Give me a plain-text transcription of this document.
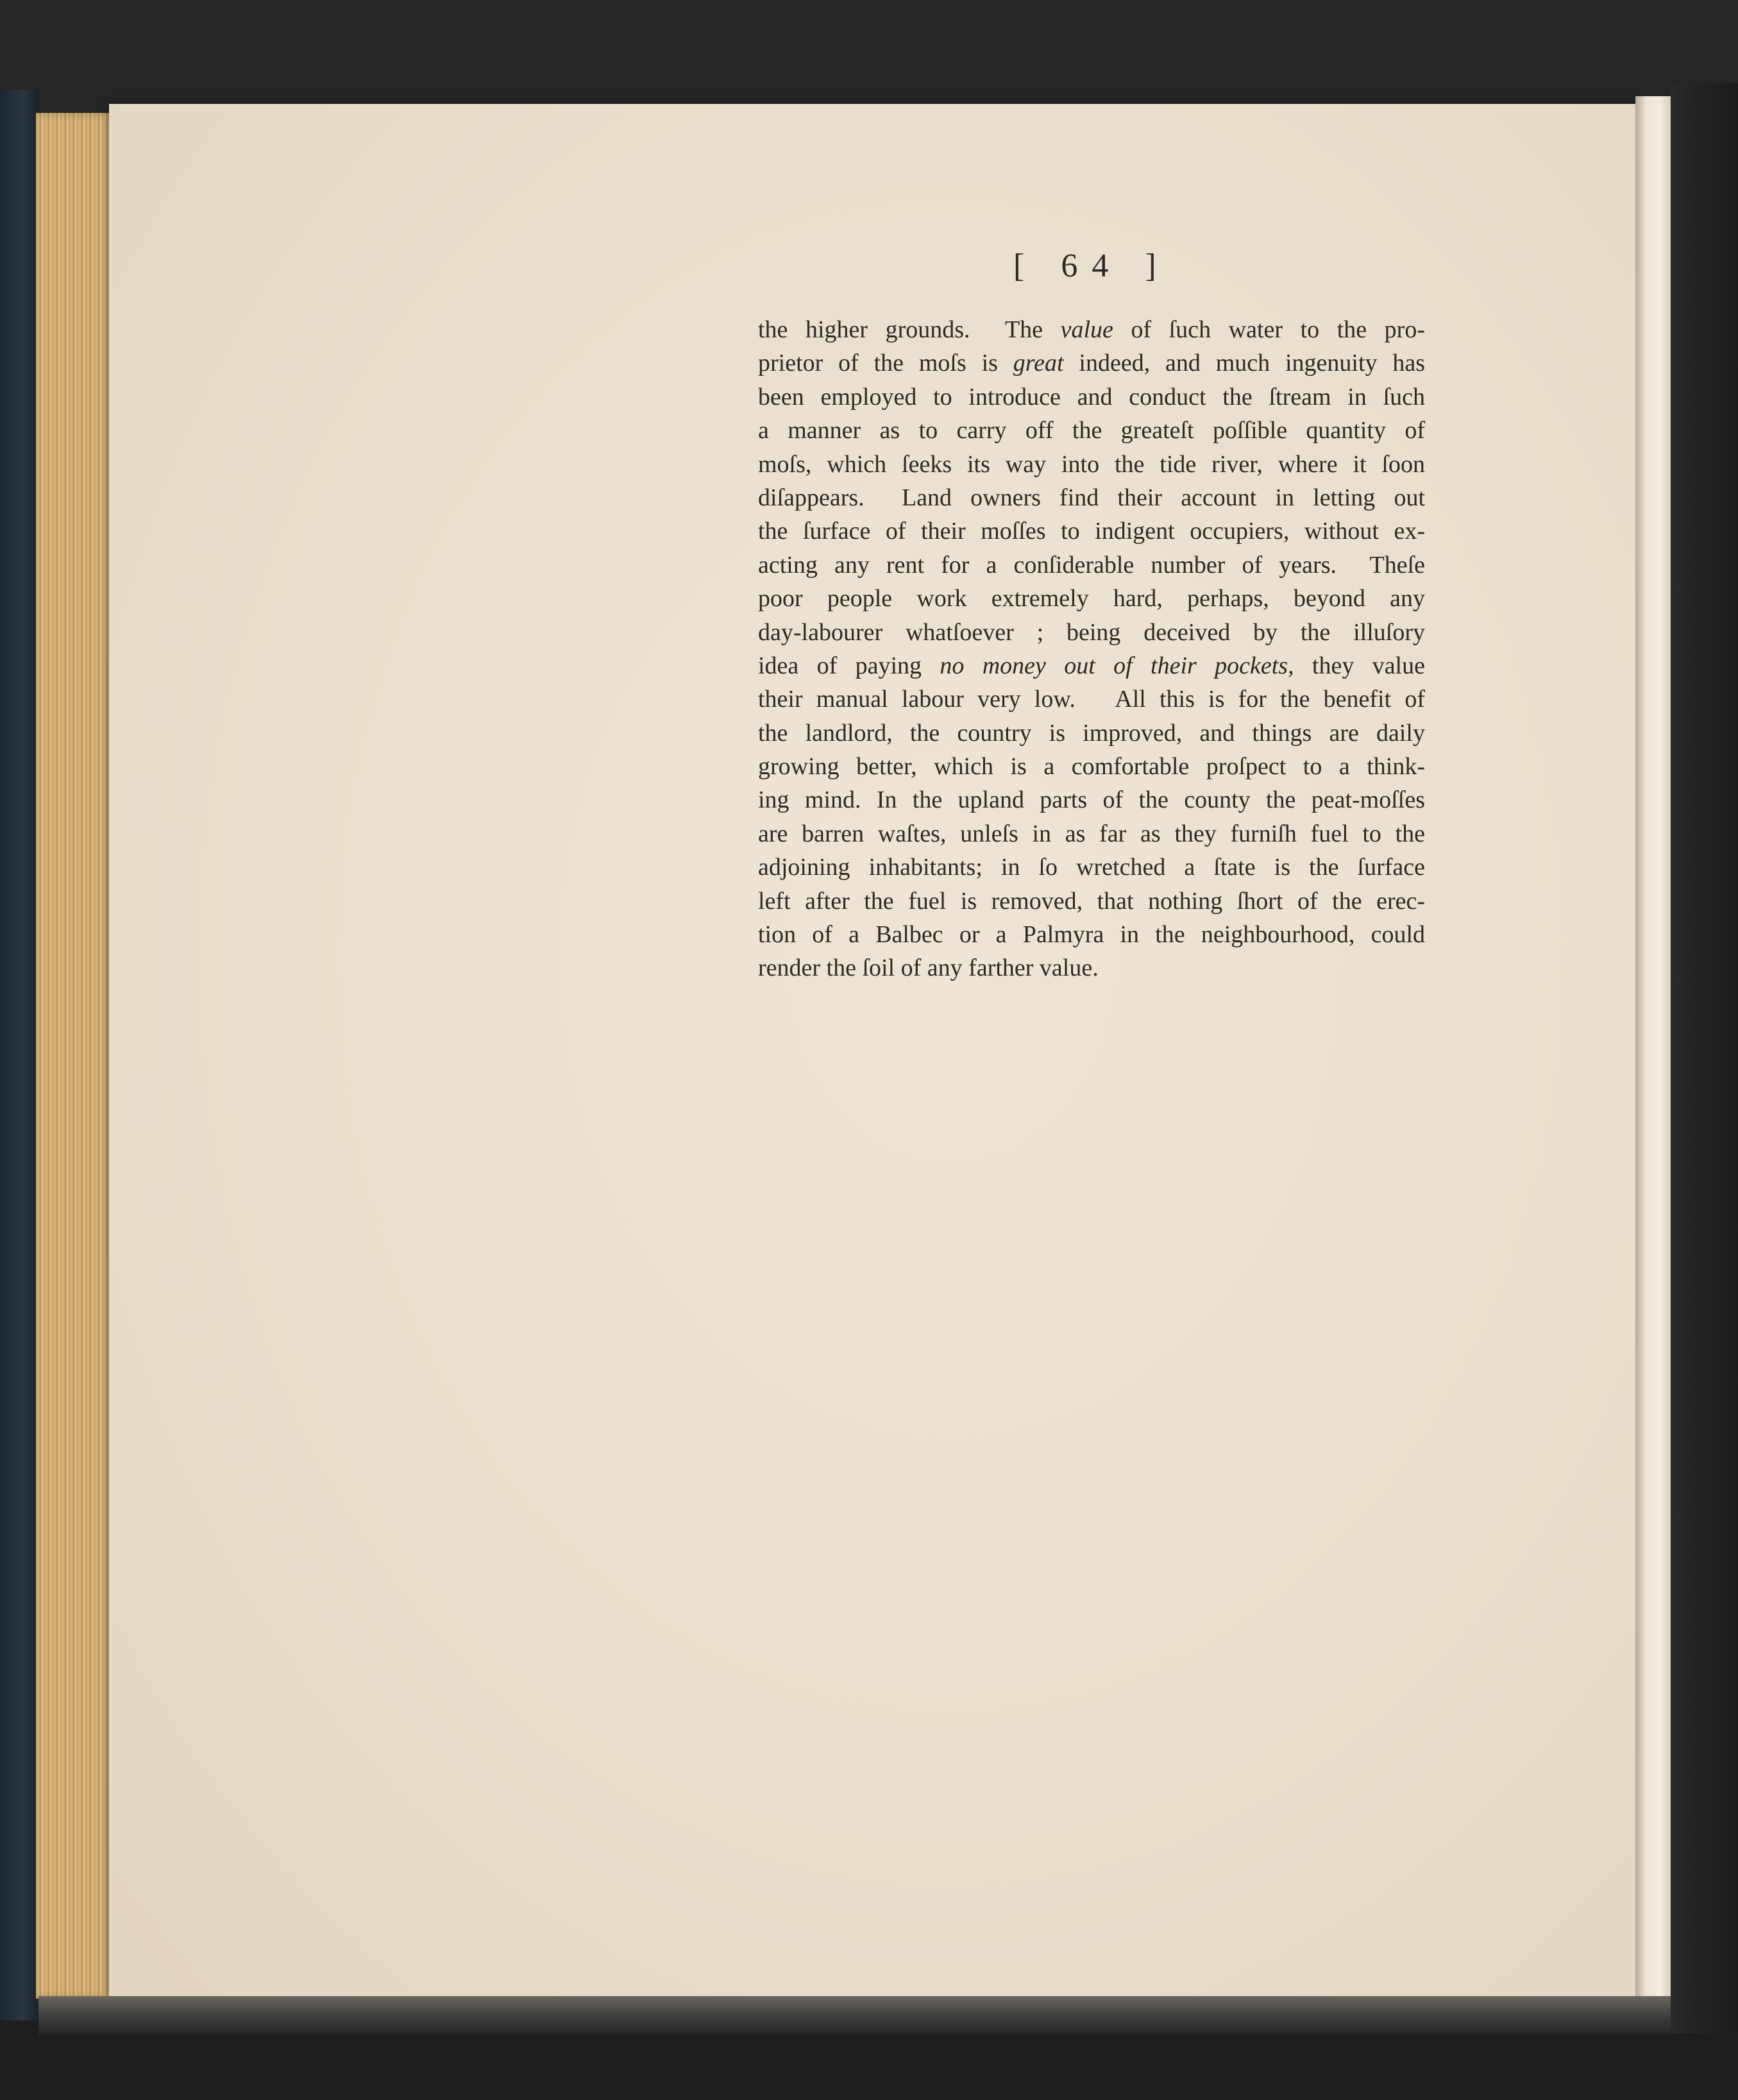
[ 64 ]
the higher grounds.  The value of ſuch water to the pro-
prietor of the moſs is great indeed, and much ingenuity has
been employed to introduce and conduct the ſtream in ſuch
a manner as to carry off the greateſt poſſible quantity of
moſs, which ſeeks its way into the tide river, where it ſoon
diſappears.  Land owners find their account in letting out
the ſurface of their moſſes to indigent occupiers, without ex-
acting any rent for a conſiderable number of years.  Theſe
poor people work extremely hard, perhaps, beyond any
day-labourer whatſoever ; being deceived by the illuſory
idea of paying no money out of their pockets, they value
their manual labour very low.   All this is for the benefit of
the landlord, the country is improved, and things are daily
growing better, which is a comfortable proſpect to a think-
ing mind. In the upland parts of the county the peat-moſſes
are barren waſtes, unleſs in as far as they furniſh fuel to the
adjoining inhabitants; in ſo wretched a ſtate is the ſurface
left after the fuel is removed, that nothing ſhort of the erec-
tion of a Balbec or a Palmyra in the neighbourhood, could
render the ſoil of any farther value.
